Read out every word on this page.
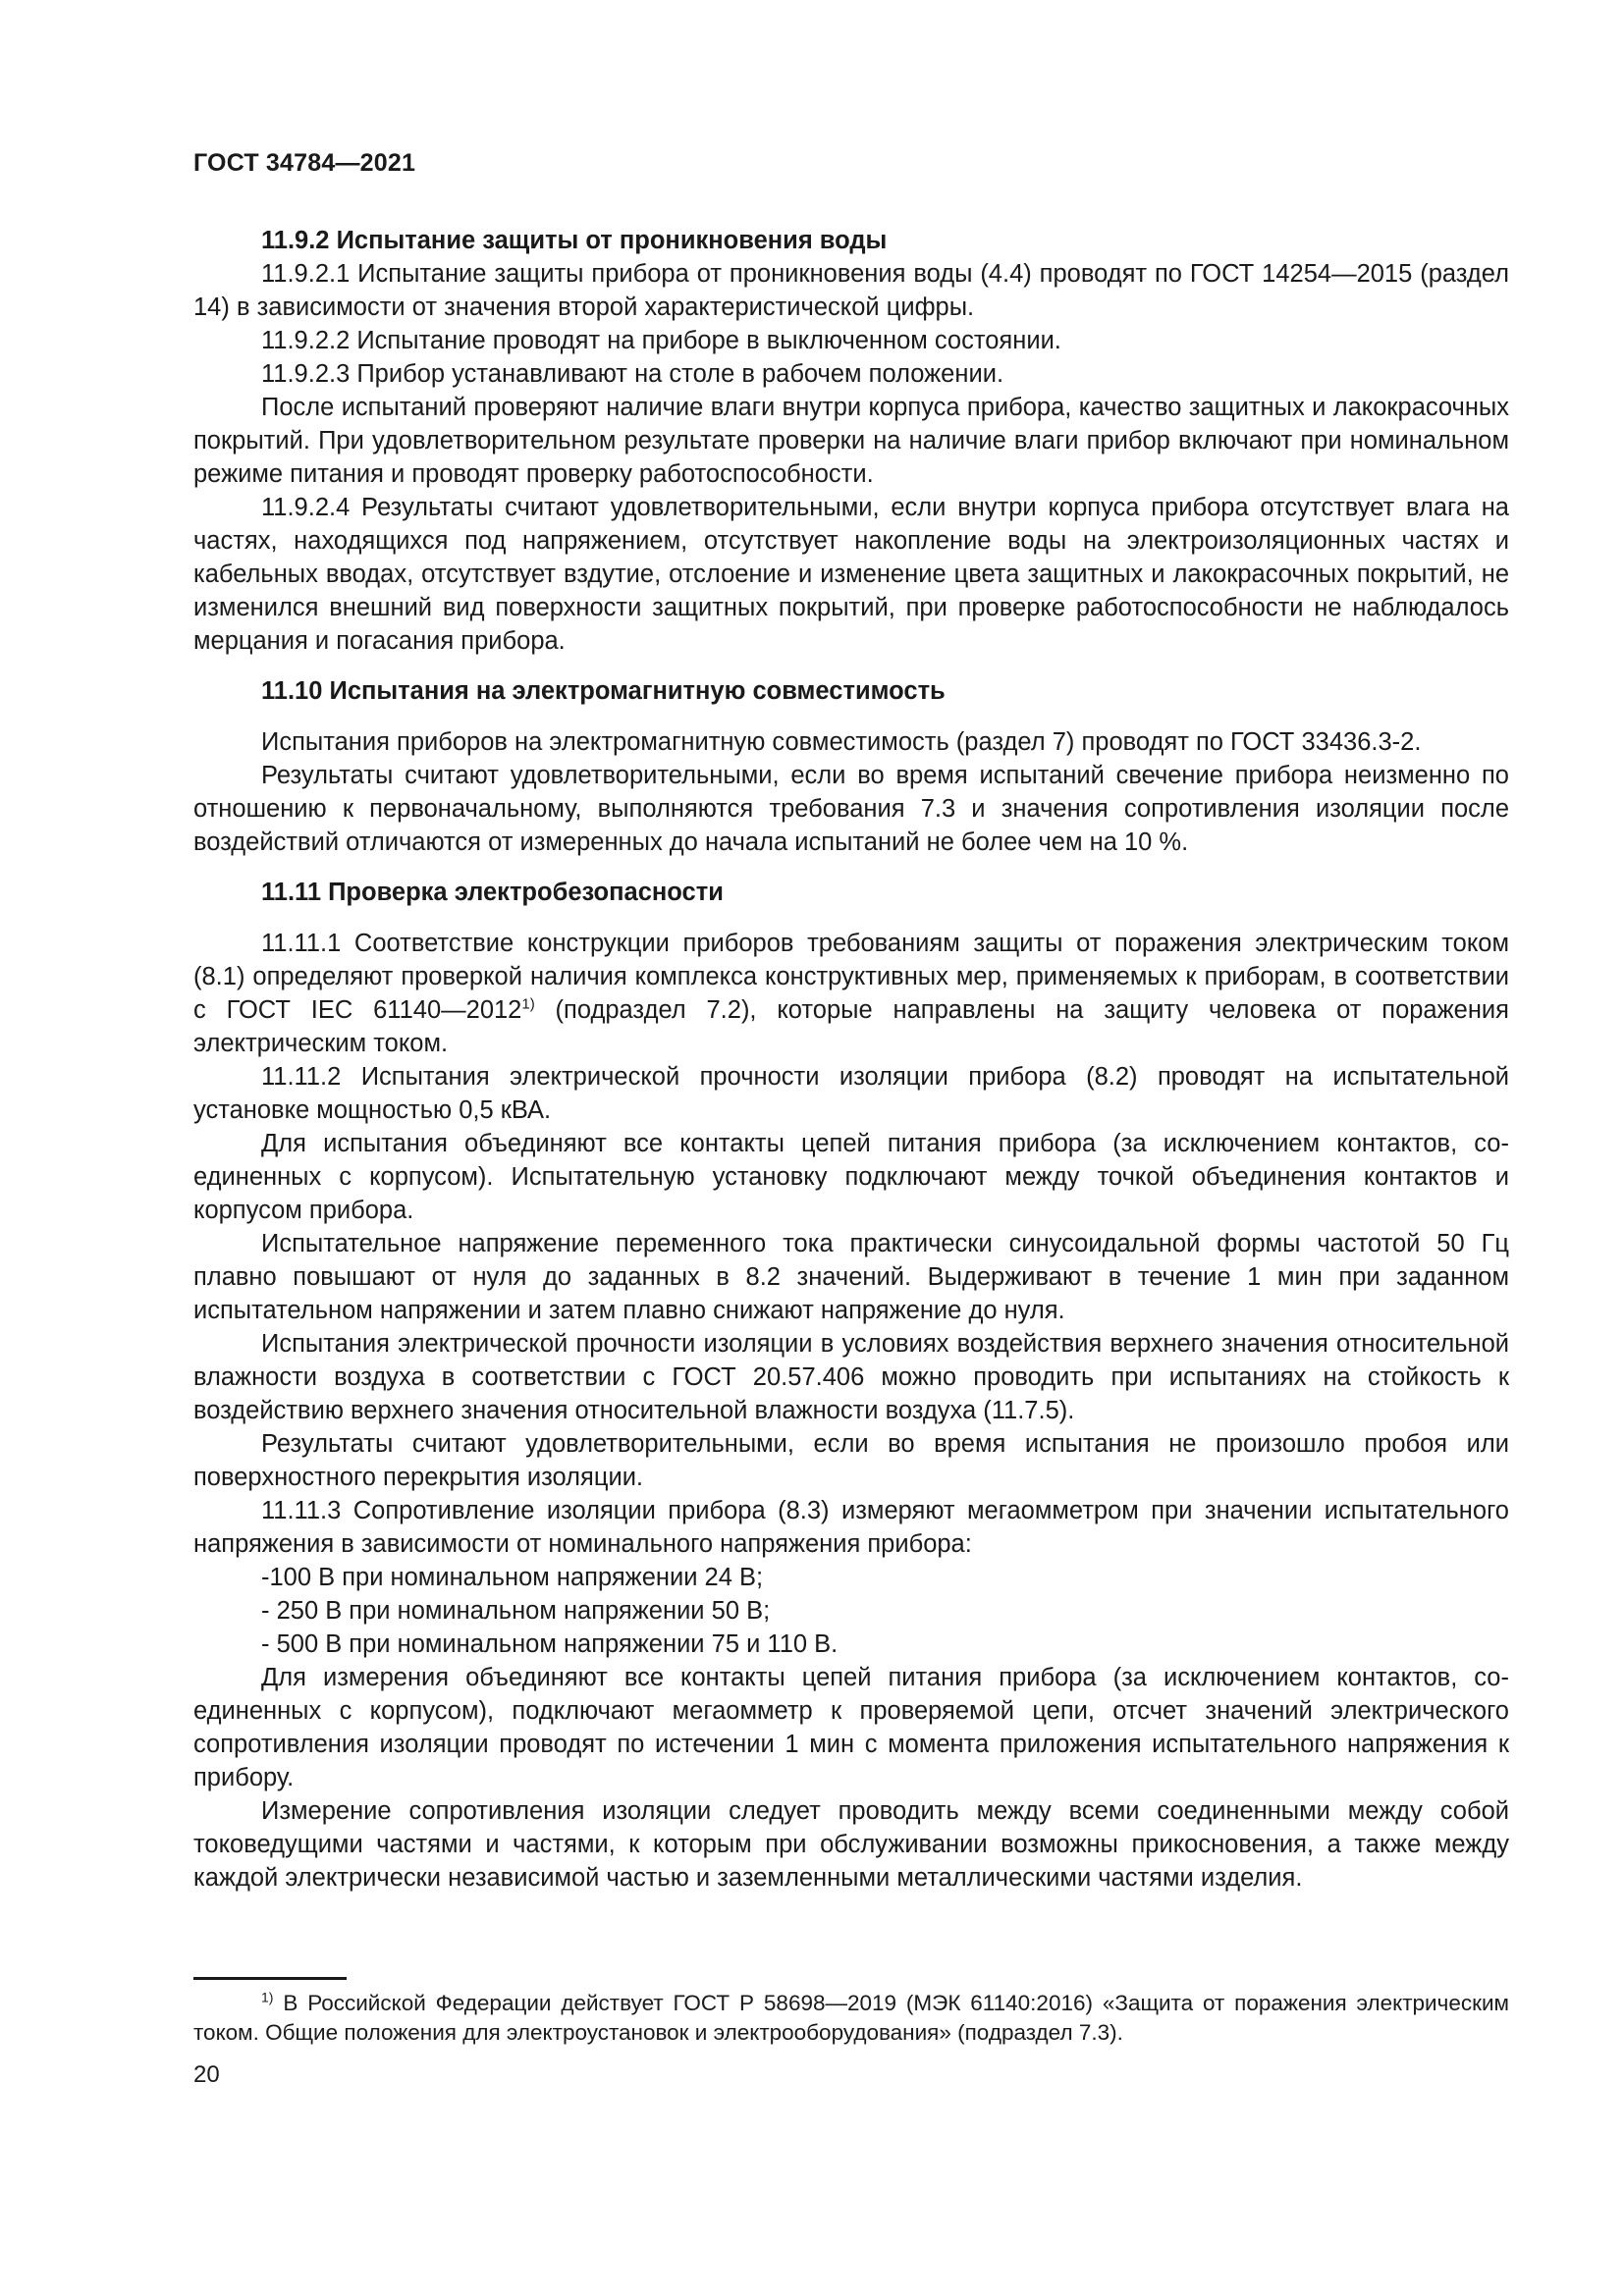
ГОСТ 34784—2021

11.9.2 Испытание защиты от проникновения воды

11.9.2.1 Испытание защиты прибора от проникновения воды (4.4) проводят по ГОСТ 14254—2015 (раздел 14) в зависимости от значения второй характеристической цифры.

11.9.2.2 Испытание проводят на приборе в выключенном состоянии.

11.9.2.3 Прибор устанавливают на столе в рабочем положении.

После испытаний проверяют наличие влаги внутри корпуса прибора, качество защитных и лакокрасочных покрытий. При удовлетворительном результате проверки на наличие влаги прибор включают при номинальном режиме питания и проводят проверку работоспособности.

11.9.2.4 Результаты считают удовлетворительными, если внутри корпуса прибора отсутствует влага на частях, находящихся под напряжением, отсутствует накопление воды на электроизоляционных частях и кабельных вводах, отсутствует вздутие, отслоение и изменение цвета защитных и лакокрасочных покрытий, не изменился внешний вид поверхности защитных покрытий, при проверке работоспособности не наблюдалось мерцания и погасания прибора.

11.10 Испытания на электромагнитную совместимость

Испытания приборов на электромагнитную совместимость (раздел 7) проводят по ГОСТ 33436.3-2.

Результаты считают удовлетворительными, если во время испытаний свечение прибора неизменно по отношению к первоначальному, выполняются требования 7.3 и значения сопротивления изоляции после воздействий отличаются от измеренных до начала испытаний не более чем на 10 %.

11.11 Проверка электробезопасности

11.11.1 Соответствие конструкции приборов требованиям защиты от поражения электрическим током (8.1) определяют проверкой наличия комплекса конструктивных мер, применяемых к приборам, в соответствии с ГОСТ IEC 61140—2012$^{1)}$ (подраздел 7.2), которые направлены на защиту человека от поражения электрическим током.

11.11.2 Испытания электрической прочности изоляции прибора (8.2) проводят на испытательной установке мощностью 0,5 кВА.

Для испытания объединяют все контакты цепей питания прибора (за исключением контактов, соединенных с корпусом). Испытательную установку подключают между точкой объединения контактов и корпусом прибора.

Испытательное напряжение переменного тока практически синусоидальной формы частотой 50 Гц плавно повышают от нуля до заданных в 8.2 значений. Выдерживают в течение 1 мин при заданном испытательном напряжении и затем плавно снижают напряжение до нуля.

Испытания электрической прочности изоляции в условиях воздействия верхнего значения относительной влажности воздуха в соответствии с ГОСТ 20.57.406 можно проводить при испытаниях на стойкость к воздействию верхнего значения относительной влажности воздуха (11.7.5).

Результаты считают удовлетворительными, если во время испытания не произошло пробоя или поверхностного перекрытия изоляции.

11.11.3 Сопротивление изоляции прибора (8.3) измеряют мегаомметром при значении испытательного напряжения в зависимости от номинального напряжения прибора:

-100 В при номинальном напряжении 24 В;

- 250 В при номинальном напряжении 50 В;

- 500 В при номинальном напряжении 75 и 110 В.

Для измерения объединяют все контакты цепей питания прибора (за исключением контактов, соединенных с корпусом), подключают мегаомметр к проверяемой цепи, отсчет значений электрического сопротивления изоляции проводят по истечении 1 мин с момента приложения испытательного напряжения к прибору.

Измерение сопротивления изоляции следует проводить между всеми соединенными между собой токоведущими частями и частями, к которым при обслуживании возможны прикосновения, а также между каждой электрически независимой частью и заземленными металлическими частями изделия.

$^{1)}$ В Российской Федерации действует ГОСТ Р 58698—2019 (МЭК 61140:2016) «Защита от поражения электрическим током. Общие положения для электроустановок и электрооборудования» (подраздел 7.3).
20
